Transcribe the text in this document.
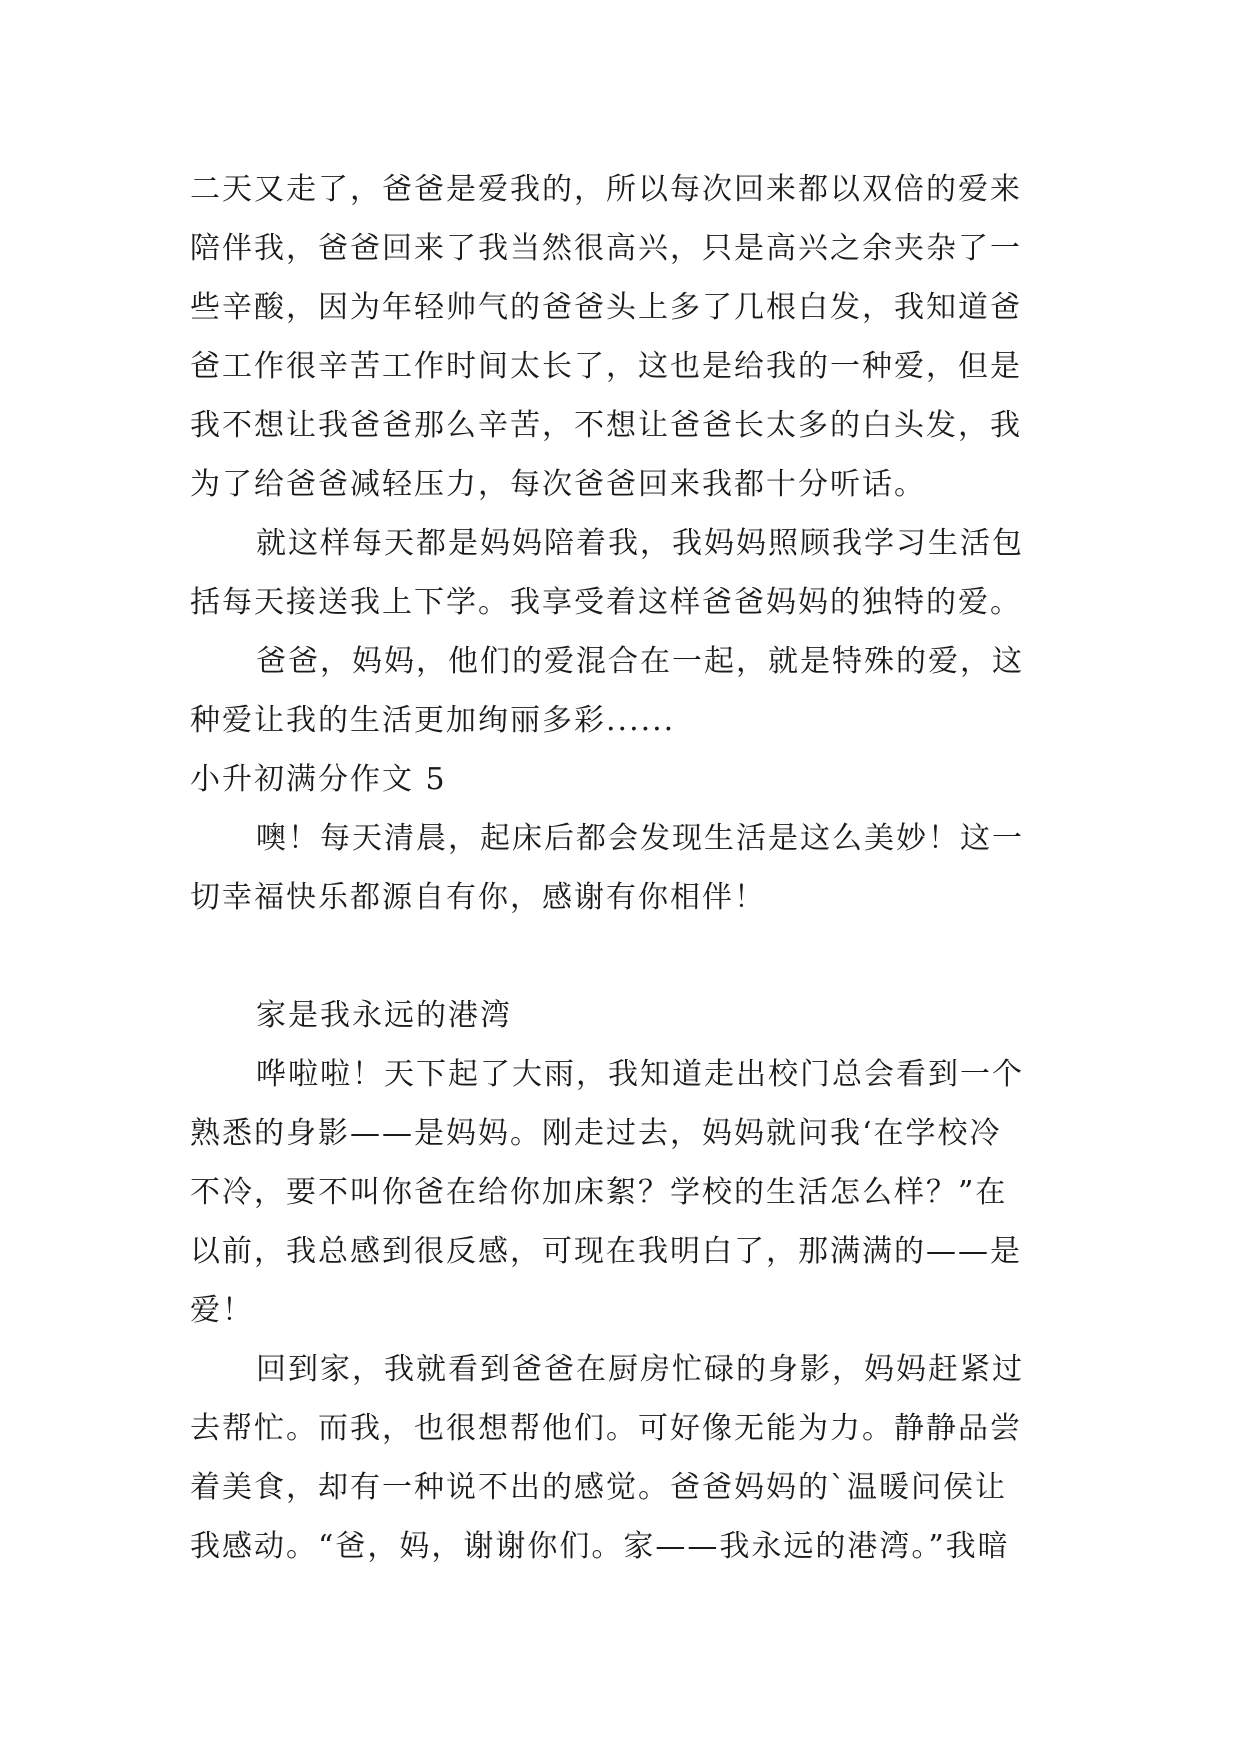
二天又走了，爸爸是爱我的，所以每次回来都以双倍的爱来
陪伴我，爸爸回来了我当然很高兴，只是高兴之余夹杂了一
些辛酸，因为年轻帅气的爸爸头上多了几根白发，我知道爸
爸工作很辛苦工作时间太长了，这也是给我的一种爱，但是
我不想让我爸爸那么辛苦，不想让爸爸长太多的白头发，我
为了给爸爸减轻压力，每次爸爸回来我都十分听话。
就这样每天都是妈妈陪着我，我妈妈照顾我学习生活包
括每天接送我上下学。我享受着这样爸爸妈妈的独特的爱。
爸爸，妈妈，他们的爱混合在一起，就是特殊的爱，这
种爱让我的生活更加绚丽多彩......
小升初满分作文 5
噢！每天清晨，起床后都会发现生活是这么美妙！这一
切幸福快乐都源自有你，感谢有你相伴！
家是我永远的港湾
哗啦啦！天下起了大雨，我知道走出校门总会看到一个
熟悉的身影——是妈妈。刚走过去，妈妈就问我‘在学校冷
不冷，要不叫你爸在给你加床絮？学校的生活怎么样？”在
以前，我总感到很反感，可现在我明白了，那满满的——是
爱！
回到家，我就看到爸爸在厨房忙碌的身影，妈妈赶紧过
去帮忙。而我，也很想帮他们。可好像无能为力。静静品尝
着美食，却有一种说不出的感觉。爸爸妈妈的`温暖问侯让
我感动。“爸，妈，谢谢你们。家——我永远的港湾。”我暗
